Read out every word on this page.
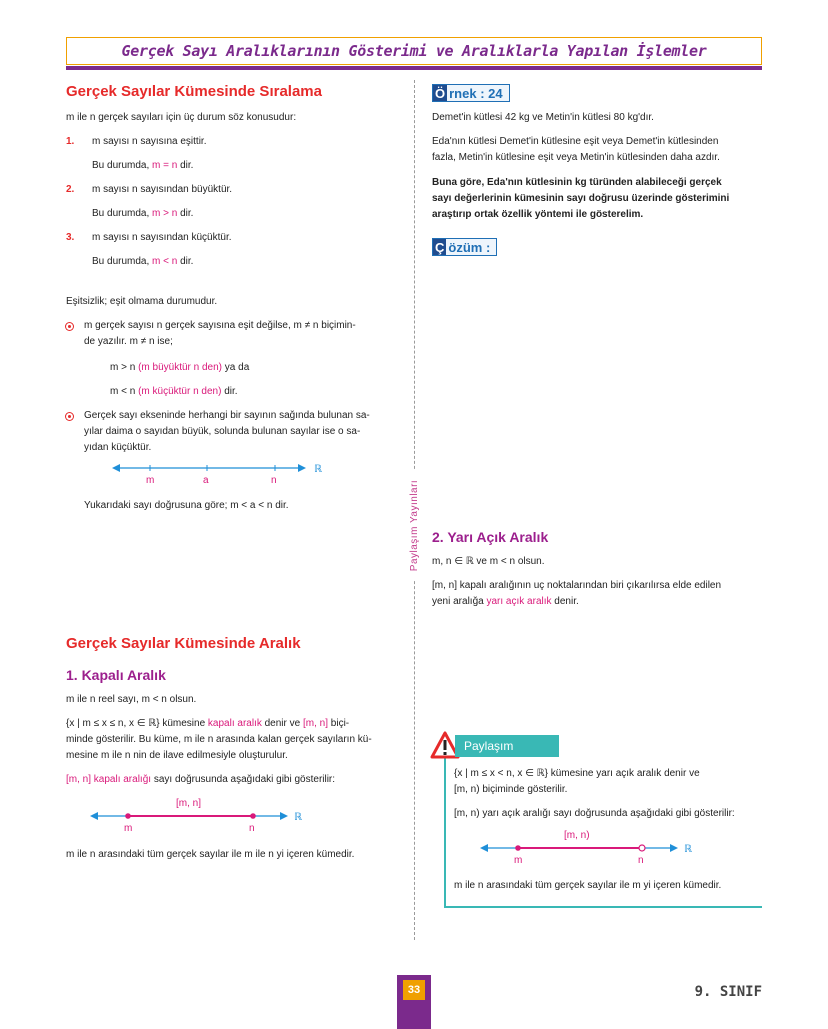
Gerçek Sayı Aralıklarının Gösterimi ve Aralıklarla Yapılan İşlemler
Gerçek Sayılar Kümesinde Sıralama
m ile n gerçek sayıları için üç durum söz konusudur:
1. m sayısı n sayısına eşittir.
Bu durumda, m = n dir.
2. m sayısı n sayısından büyüktür.
Bu durumda, m > n dir.
3. m sayısı n sayısından küçüktür.
Bu durumda, m < n dir.
Eşitsizlik; eşit olmama durumudur.
m gerçek sayısı n gerçek sayısına eşit değilse, m ≠ n biçimin-
de yazılır. m ≠ n ise;
m > n (m büyüktür n den) ya da
m < n (m küçüktür n den) dir.
Gerçek sayı ekseninde herhangi bir sayının sağında bulunan sa-
yılar daima o sayıdan büyük, solunda bulunan sayılar ise o sa-
yıdan küçüktür.
m	a	n
ℝ
Yukarıdaki sayı doğrusuna göre; m < a < n dir.
Gerçek Sayılar Kümesinde Aralık
1. Kapalı Aralık
m ile n reel sayı, m < n olsun.
{x | m ≤ x ≤ n, x ∈ ℝ} kümesine kapalı aralık denir ve [m, n] biçi-
minde gösterilir. Bu küme, m ile n arasında kalan gerçek sayıların kü-
mesine m ile n nin de ilave edilmesiyle oluşturulur.
[m, n] kapalı aralığı sayı doğrusunda aşağıdaki gibi gösterilir:
[m, n]
m	n
ℝ
m ile n arasındaki tüm gerçek sayılar ile m ile n yi içeren kümedir.
Paylaşım Yayınları
Ö rnek : 24
Demet'in kütlesi 42 kg ve Metin'in kütlesi 80 kg'dır.
Eda'nın kütlesi Demet'in kütlesine eşit veya Demet'in kütlesinden
fazla, Metin'in kütlesine eşit veya Metin'in kütlesinden daha azdır.
Buna göre, Eda'nın kütlesinin kg türünden alabileceği gerçek
sayı değerlerinin kümesinin sayı doğrusu üzerinde gösterimini
araştırıp ortak özellik yöntemi ile gösterelim.
Ç özüm :
2. Yarı Açık Aralık
m, n ∈ ℝ ve m < n olsun.
[m, n] kapalı aralığının uç noktalarından biri çıkarılırsa elde edilen
yeni aralığa yarı açık aralık denir.
Paylaşım
{x | m ≤ x < n, x ∈ ℝ} kümesine yarı açık aralık denir ve
[m, n) biçiminde gösterilir.
[m, n) yarı açık aralığı sayı doğrusunda aşağıdaki gibi gösterilir:
[m, n)
m	n
ℝ
m ile n arasındaki tüm gerçek sayılar ile m yi içeren kümedir.
33	9. SINIF
